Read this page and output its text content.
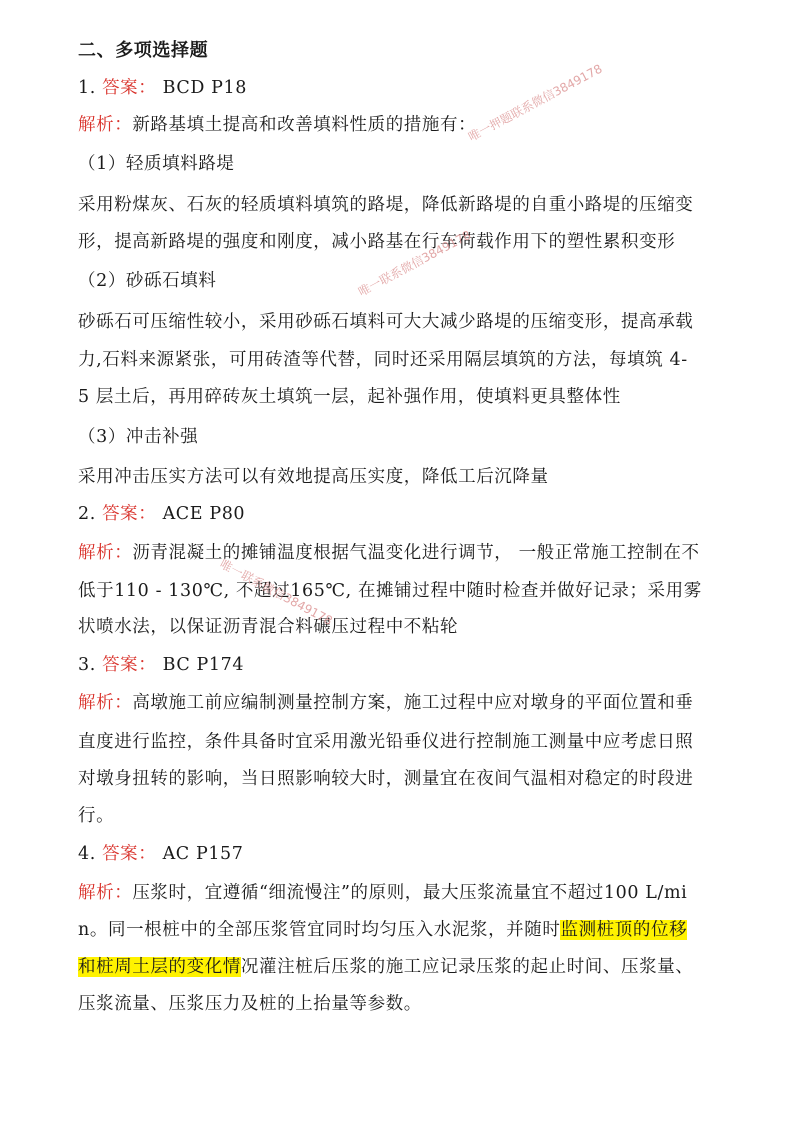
二、多项选择题
1. 答案： BCD P18
解析：新路基填土提高和改善填料性质的措施有：
（1）轻质填料路堤
采用粉煤灰、石灰的轻质填料填筑的路堤，降低新路堤的自重小路堤的压缩变
形，提高新路堤的强度和刚度，减小路基在行车荷载作用下的塑性累积变形
（2）砂砾石填料
砂砾石可压缩性较小，采用砂砾石填料可大大减少路堤的压缩变形，提高承载
力,石料来源紧张，可用砖渣等代替，同时还采用隔层填筑的方法，每填筑 4-
5 层土后，再用碎砖灰土填筑一层，起补强作用，使填料更具整体性
（3）冲击补强
采用冲击压实方法可以有效地提高压实度，降低工后沉降量
2. 答案： ACE P80
解析：沥青混凝土的摊铺温度根据气温变化进行调节， 一般正常施工控制在不
低于110 - 130℃, 不超过165℃, 在摊铺过程中随时检查并做好记录；采用雾
状喷水法，以保证沥青混合料碾压过程中不粘轮
3. 答案： BC P174
解析：高墩施工前应编制测量控制方案，施工过程中应对墩身的平面位置和垂
直度进行监控，条件具备时宜采用激光铅垂仪进行控制施工测量中应考虑日照
对墩身扭转的影响，当日照影响较大时，测量宜在夜间气温相对稳定的时段进
行。
4. 答案： AC P157
解析：压浆时，宜遵循“细流慢注”的原则，最大压浆流量宜不超过100 L/mi
n。同一根桩中的全部压浆管宜同时均匀压入水泥浆，并随时监测桩顶的位移
和桩周土层的变化情况灌注桩后压浆的施工应记录压浆的起止时间、压浆量、
压浆流量、压浆压力及桩的上抬量等参数。
唯一押题联系微信3849178
唯一联系微信3849178
唯一联系微信3849178
